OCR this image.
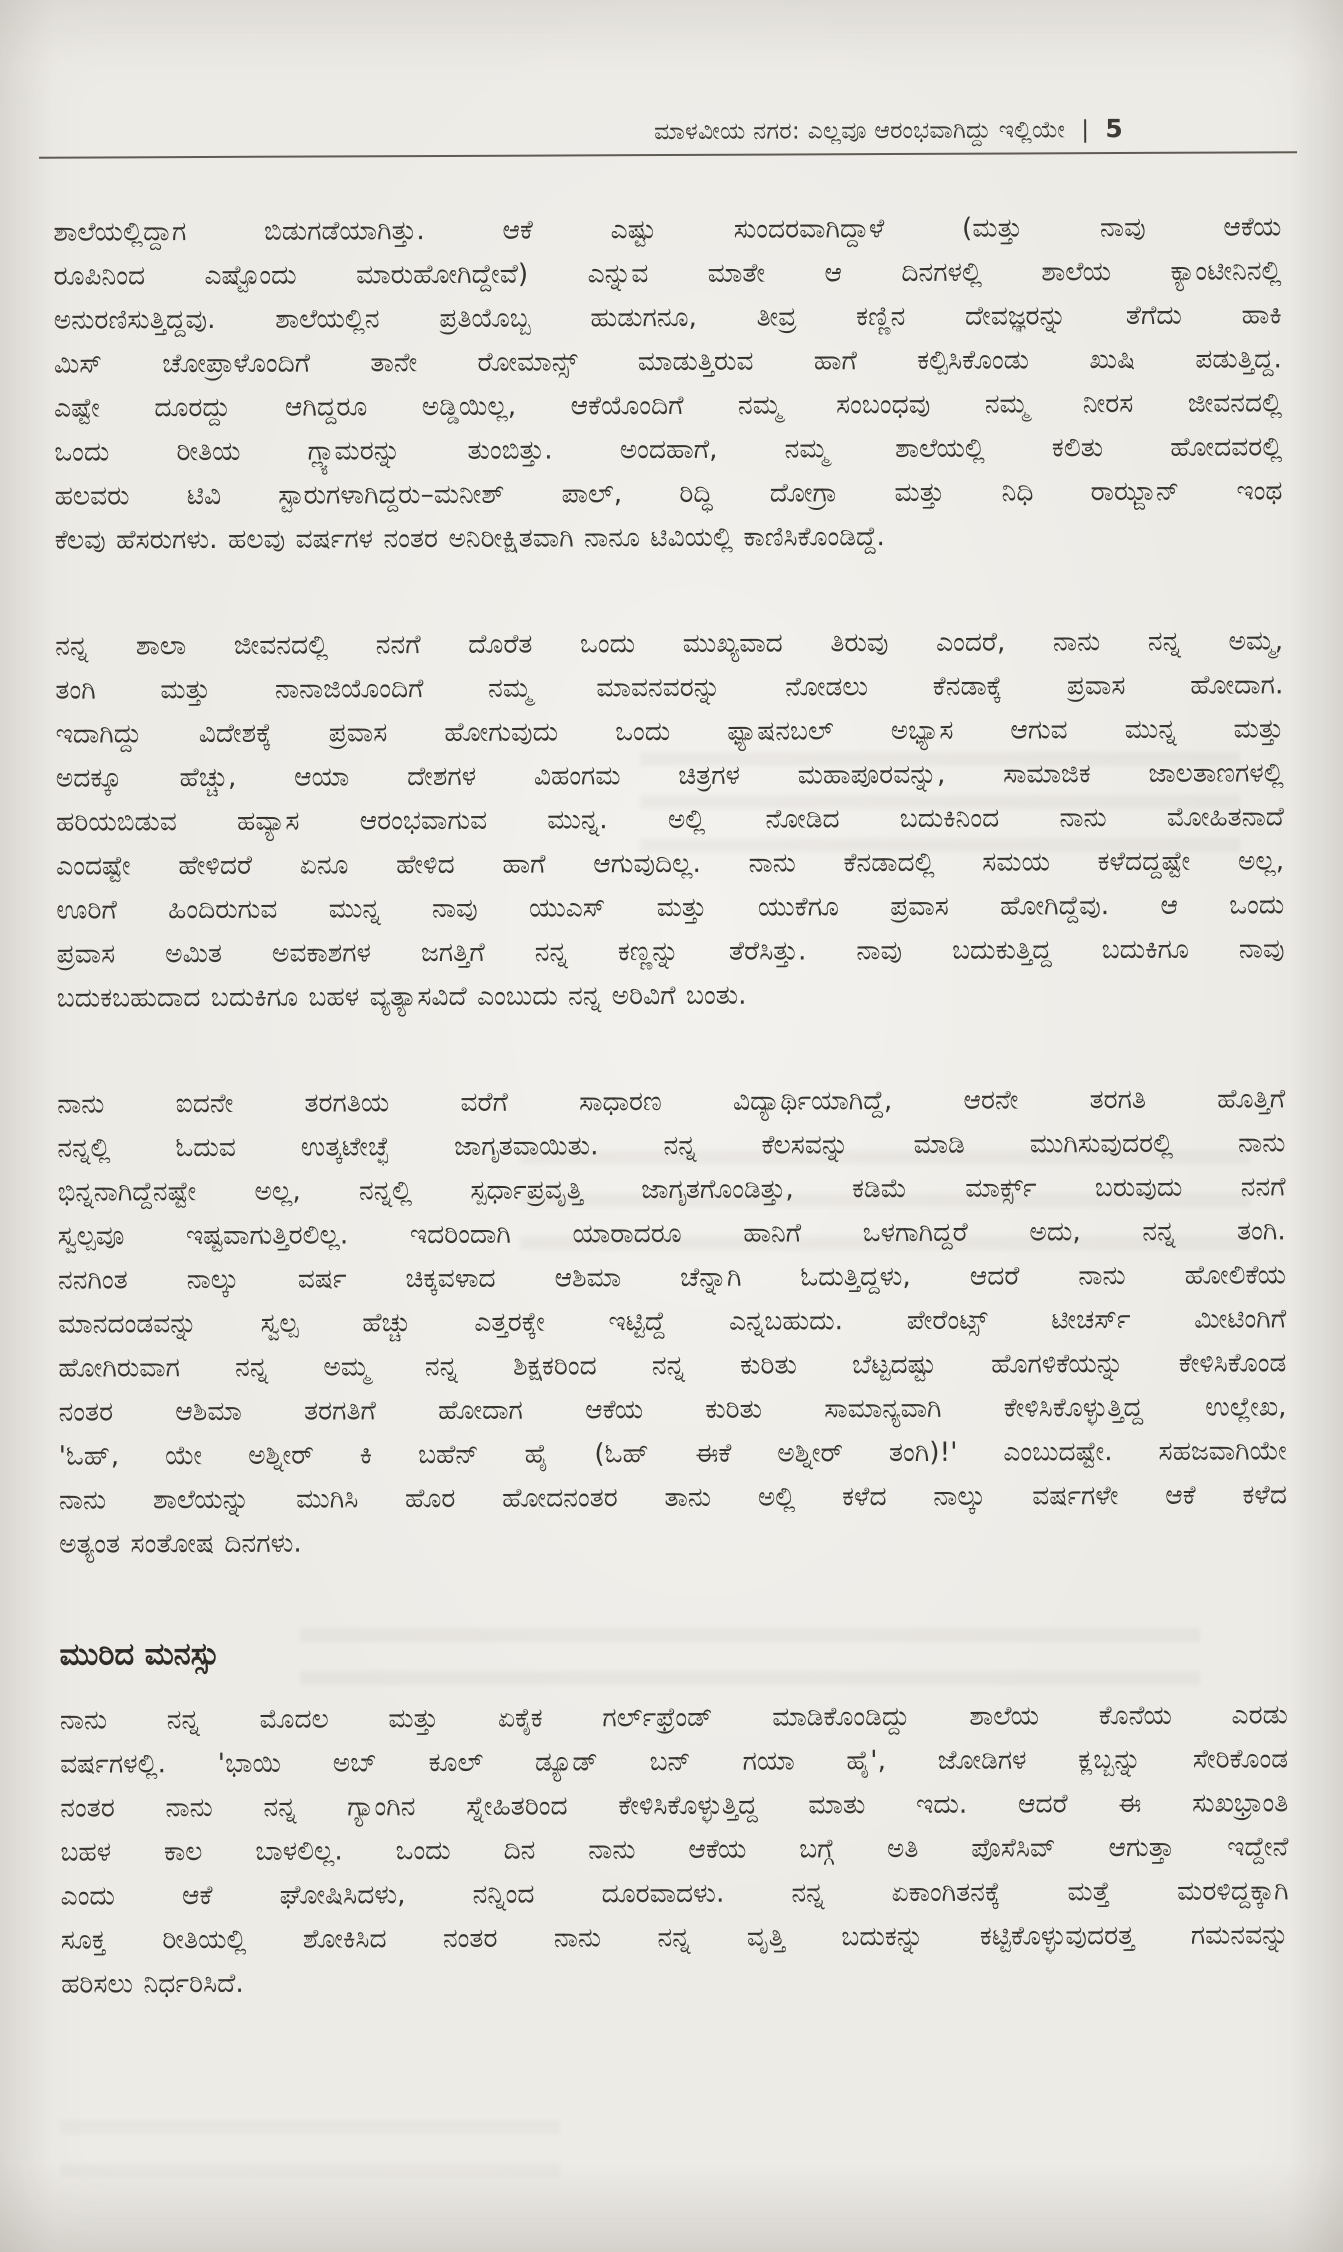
ಮಾಳವೀಯ ನಗರ: ಎಲ್ಲವೂ ಆರಂಭವಾಗಿದ್ದು ಇಲ್ಲಿಯೇ | 5
ಶಾಲೆಯಲ್ಲಿದ್ದಾಗ ಬಿಡುಗಡೆಯಾಗಿತ್ತು. ಆಕೆ ಎಷ್ಟು ಸುಂದರವಾಗಿದ್ದಾಳೆ (ಮತ್ತು ನಾವು ಆಕೆಯ
ರೂಪಿನಿಂದ ಎಷ್ಟೊಂದು ಮಾರುಹೋಗಿದ್ದೇವೆ) ಎನ್ನುವ ಮಾತೇ ಆ ದಿನಗಳಲ್ಲಿ ಶಾಲೆಯ ಕ್ಯಾಂಟೀನಿನಲ್ಲಿ
ಅನುರಣಿಸುತ್ತಿದ್ದವು. ಶಾಲೆಯಲ್ಲಿನ ಪ್ರತಿಯೊಬ್ಬ ಹುಡುಗನೂ, ತೀವ್ರ ಕಣ್ಣಿನ ದೇವಜ್ಞರನ್ನು ತೆಗೆದು ಹಾಕಿ
ಮಿಸ್ ಚೋಪ್ರಾಳೊಂದಿಗೆ ತಾನೇ ರೋಮಾನ್ಸ್ ಮಾಡುತ್ತಿರುವ ಹಾಗೆ ಕಲ್ಪಿಸಿಕೊಂಡು ಖುಷಿ ಪಡುತ್ತಿದ್ದ.
ಎಷ್ಟೇ ದೂರದ್ದು ಆಗಿದ್ದರೂ ಅಡ್ಡಿಯಿಲ್ಲ, ಆಕೆಯೊಂದಿಗೆ ನಮ್ಮ ಸಂಬಂಧವು ನಮ್ಮ ನೀರಸ ಜೀವನದಲ್ಲಿ
ಒಂದು ರೀತಿಯ ಗ್ಲ್ಯಾಮರನ್ನು ತುಂಬಿತ್ತು. ಅಂದಹಾಗೆ, ನಮ್ಮ ಶಾಲೆಯಲ್ಲಿ ಕಲಿತು ಹೋದವರಲ್ಲಿ
ಹಲವರು ಟಿವಿ ಸ್ಟಾರುಗಳಾಗಿದ್ದರು–ಮನೀಶ್ ಪಾಲ್, ರಿದ್ಧಿ ದೋಗ್ರಾ ಮತ್ತು ನಿಧಿ ರಾಝ್ದಾನ್ ಇಂಥ
ಕೆಲವು ಹೆಸರುಗಳು. ಹಲವು ವರ್ಷಗಳ ನಂತರ ಅನಿರೀಕ್ಷಿತವಾಗಿ ನಾನೂ ಟಿವಿಯಲ್ಲಿ ಕಾಣಿಸಿಕೊಂಡಿದ್ದೆ.
ನನ್ನ ಶಾಲಾ ಜೀವನದಲ್ಲಿ ನನಗೆ ದೊರೆತ ಒಂದು ಮುಖ್ಯವಾದ ತಿರುವು ಎಂದರೆ, ನಾನು ನನ್ನ ಅಮ್ಮ,
ತಂಗಿ ಮತ್ತು ನಾನಾಜಿಯೊಂದಿಗೆ ನಮ್ಮ ಮಾವನವರನ್ನು ನೋಡಲು ಕೆನಡಾಕ್ಕೆ ಪ್ರವಾಸ ಹೋದಾಗ.
ಇದಾಗಿದ್ದು ವಿದೇಶಕ್ಕೆ ಪ್ರವಾಸ ಹೋಗುವುದು ಒಂದು ಫ್ಯಾಷನಬಲ್ ಅಭ್ಯಾಸ ಆಗುವ ಮುನ್ನ ಮತ್ತು
ಅದಕ್ಕೂ ಹೆಚ್ಚು, ಆಯಾ ದೇಶಗಳ ವಿಹಂಗಮ ಚಿತ್ರಗಳ ಮಹಾಪೂರವನ್ನು, ಸಾಮಾಜಿಕ ಜಾಲತಾಣಗಳಲ್ಲಿ
ಹರಿಯಬಿಡುವ ಹವ್ಯಾಸ ಆರಂಭವಾಗುವ ಮುನ್ನ. ಅಲ್ಲಿ ನೋಡಿದ ಬದುಕಿನಿಂದ ನಾನು ಮೋಹಿತನಾದೆ
ಎಂದಷ್ಟೇ ಹೇಳಿದರೆ ಏನೂ ಹೇಳಿದ ಹಾಗೆ ಆಗುವುದಿಲ್ಲ. ನಾನು ಕೆನಡಾದಲ್ಲಿ ಸಮಯ ಕಳೆದದ್ದಷ್ಟೇ ಅಲ್ಲ,
ಊರಿಗೆ ಹಿಂದಿರುಗುವ ಮುನ್ನ ನಾವು ಯುಎಸ್ ಮತ್ತು ಯುಕೆಗೂ ಪ್ರವಾಸ ಹೋಗಿದ್ದೆವು. ಆ ಒಂದು
ಪ್ರವಾಸ ಅಮಿತ ಅವಕಾಶಗಳ ಜಗತ್ತಿಗೆ ನನ್ನ ಕಣ್ಣನ್ನು ತೆರೆಸಿತ್ತು. ನಾವು ಬದುಕುತ್ತಿದ್ದ ಬದುಕಿಗೂ ನಾವು
ಬದುಕಬಹುದಾದ ಬದುಕಿಗೂ ಬಹಳ ವ್ಯತ್ಯಾಸವಿದೆ ಎಂಬುದು ನನ್ನ ಅರಿವಿಗೆ ಬಂತು.
ನಾನು ಐದನೇ ತರಗತಿಯ ವರೆಗೆ ಸಾಧಾರಣ ವಿದ್ಯಾರ್ಥಿಯಾಗಿದ್ದೆ, ಆರನೇ ತರಗತಿ ಹೊತ್ತಿಗೆ
ನನ್ನಲ್ಲಿ ಓದುವ ಉತ್ಕಟೇಚ್ಛೆ ಜಾಗೃತವಾಯಿತು. ನನ್ನ ಕೆಲಸವನ್ನು ಮಾಡಿ ಮುಗಿಸುವುದರಲ್ಲಿ ನಾನು
ಭಿನ್ನನಾಗಿದ್ದೆನಷ್ಟೇ ಅಲ್ಲ, ನನ್ನಲ್ಲಿ ಸ್ಪರ್ಧಾಪ್ರವೃತ್ತಿ ಜಾಗೃತಗೊಂಡಿತ್ತು, ಕಡಿಮೆ ಮಾರ್ಕ್ಸ್ ಬರುವುದು ನನಗೆ
ಸ್ವಲ್ಪವೂ ಇಷ್ಟವಾಗುತ್ತಿರಲಿಲ್ಲ. ಇದರಿಂದಾಗಿ ಯಾರಾದರೂ ಹಾನಿಗೆ ಒಳಗಾಗಿದ್ದರೆ ಅದು, ನನ್ನ ತಂಗಿ.
ನನಗಿಂತ ನಾಲ್ಕು ವರ್ಷ ಚಿಕ್ಕವಳಾದ ಆಶಿಮಾ ಚೆನ್ನಾಗಿ ಓದುತ್ತಿದ್ದಳು, ಆದರೆ ನಾನು ಹೋಲಿಕೆಯ
ಮಾನದಂಡವನ್ನು ಸ್ವಲ್ಪ ಹೆಚ್ಚು ಎತ್ತರಕ್ಕೇ ಇಟ್ಟಿದ್ದೆ ಎನ್ನಬಹುದು. ಪೇರೆಂಟ್ಸ್ ಟೀಚರ್ಸ್ ಮೀಟಿಂಗಿಗೆ
ಹೋಗಿರುವಾಗ ನನ್ನ ಅಮ್ಮ ನನ್ನ ಶಿಕ್ಷಕರಿಂದ ನನ್ನ ಕುರಿತು ಬೆಟ್ಟದಷ್ಟು ಹೊಗಳಿಕೆಯನ್ನು ಕೇಳಿಸಿಕೊಂಡ
ನಂತರ ಆಶಿಮಾ ತರಗತಿಗೆ ಹೋದಾಗ ಆಕೆಯ ಕುರಿತು ಸಾಮಾನ್ಯವಾಗಿ ಕೇಳಿಸಿಕೊಳ್ಳುತ್ತಿದ್ದ ಉಲ್ಲೇಖ,
'ಓಹ್, ಯೇ ಅಶ್ನೀರ್ ಕಿ ಬಹೆನ್ ಹೈ (ಓಹ್ ಈಕೆ ಅಶ್ನೀರ್ ತಂಗಿ)!' ಎಂಬುದಷ್ಟೇ. ಸಹಜವಾಗಿಯೇ
ನಾನು ಶಾಲೆಯನ್ನು ಮುಗಿಸಿ ಹೊರ ಹೋದನಂತರ ತಾನು ಅಲ್ಲಿ ಕಳೆದ ನಾಲ್ಕು ವರ್ಷಗಳೇ ಆಕೆ ಕಳೆದ
ಅತ್ಯಂತ ಸಂತೋಷ ದಿನಗಳು.
ಮುರಿದ ಮನಸ್ಸು
ನಾನು ನನ್ನ ಮೊದಲ ಮತ್ತು ಏಕೈಕ ಗರ್ಲ್‌ಫ್ರೆಂಡ್ ಮಾಡಿಕೊಂಡಿದ್ದು ಶಾಲೆಯ ಕೊನೆಯ ಎರಡು
ವರ್ಷಗಳಲ್ಲಿ. 'ಭಾಯಿ ಅಬ್ ಕೂಲ್ ಡ್ಯೂಡ್ ಬನ್ ಗಯಾ ಹೈ', ಜೋಡಿಗಳ ಕ್ಲಬ್ಬನ್ನು ಸೇರಿಕೊಂಡ
ನಂತರ ನಾನು ನನ್ನ ಗ್ಯಾಂಗಿನ ಸ್ನೇಹಿತರಿಂದ ಕೇಳಿಸಿಕೊಳ್ಳುತ್ತಿದ್ದ ಮಾತು ಇದು. ಆದರೆ ಈ ಸುಖಭ್ರಾಂತಿ
ಬಹಳ ಕಾಲ ಬಾಳಲಿಲ್ಲ. ಒಂದು ದಿನ ನಾನು ಆಕೆಯ ಬಗ್ಗೆ ಅತಿ ಪೊಸೆಸಿವ್ ಆಗುತ್ತಾ ಇದ್ದೇನೆ
ಎಂದು ಆಕೆ ಘೋಷಿಸಿದಳು, ನನ್ನಿಂದ ದೂರವಾದಳು. ನನ್ನ ಏಕಾಂಗಿತನಕ್ಕೆ ಮತ್ತೆ ಮರಳಿದ್ದಕ್ಕಾಗಿ
ಸೂಕ್ತ ರೀತಿಯಲ್ಲಿ ಶೋಕಿಸಿದ ನಂತರ ನಾನು ನನ್ನ ವೃತ್ತಿ ಬದುಕನ್ನು ಕಟ್ಟಿಕೊಳ್ಳುವುದರತ್ತ ಗಮನವನ್ನು
ಹರಿಸಲು ನಿರ್ಧರಿಸಿದೆ.
